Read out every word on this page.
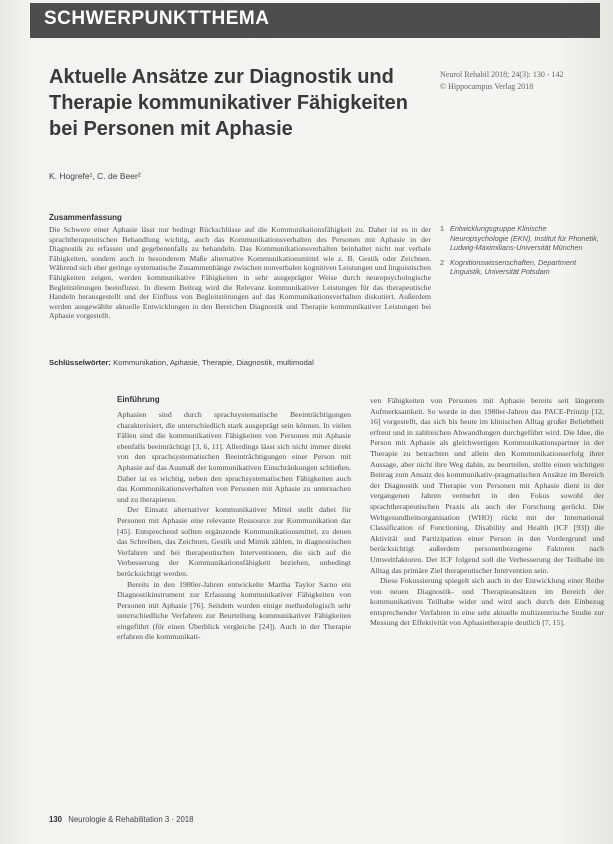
SCHWERPUNKTTHEMA
Aktuelle Ansätze zur Diagnostik und
Therapie kommunikativer Fähigkeiten
bei Personen mit Aphasie
Neurol Rehabil 2018; 24(3): 130 - 142
© Hippocampus Verlag 2018
K. Hogrefe¹, C. de Beer²
Zusammenfassung
Die Schwere einer Aphasie lässt nur bedingt Rückschlüsse auf die Kommunikationsfähigkeit zu. Daher ist es in der sprachtherapeutischen Behandlung wichtig, auch das Kommunikationsverhalten des Personen mit Aphasie in der Diagnostik zu erfassen und gegebenenfalls zu behandeln. Das Kommunikationsverhalten beinhaltet nicht nur verbale Fähigkeiten, sondern auch in besonderem Maße alternative Kommunikationsmittel wie z. B. Gestik oder Zeichnen. Während sich eher geringe systematische Zusammenhänge zwischen nonverbalen kognitiven Leistungen und linguistischen Fähigkeiten zeigen, werden kommunikative Fähigkeiten in sehr ausgeprägter Weise durch neuropsychologische Begleitstörungen beeinflusst. In diesem Beitrag wird die Relevanz kommunikativer Leistungen für das therapeutische Handeln herausgestellt und der Einfluss von Begleitstörungen auf das Kommunikationsverhalten diskutiert. Außerdem werden ausgewählte aktuelle Entwicklungen in den Bereichen Diagnostik und Therapie kommunikativer Leistungen bei Aphasie vorgestellt.
Schlüsselwörter: Kommunikation, Aphasie, Therapie, Diagnostik, multimodal
1 Entwicklungsgruppe Klinische Neuropsychologie (EKN), Institut für Phonetik, Ludwig-Maximilians-Universität München
2 Kognitionswissenschaften, Department Linguistik, Universität Potsdam
Einführung

Aphasien sind durch sprachsystematische Beeinträchtigungen charakterisiert, die unterschiedlich stark ausgeprägt sein können. In vielen Fällen sind die kommunikativen Fähigkeiten von Personen mit Aphasie ebenfalls beeinträchtigt [3, 6, 11]. Allerdings lässt sich nicht immer direkt von den sprachsystematischen Beeinträchtigungen einer Person mit Aphasie auf das Ausmaß der kommunikativen Einschränkungen schließen. Daher ist es wichtig, neben den sprachsystematischen Fähigkeiten auch das Kommunikationsverhalten von Personen mit Aphasie zu untersuchen und zu therapieren.

Der Einsatz alternativer kommunikativer Mittel stellt dabei für Personen mit Aphasie eine relevante Ressource zur Kommunikation dar [45]. Entsprechend sollten ergänzende Kommunikationsmittel, zu denen das Schreiben, das Zeichnen, Gestik und Mimik zählen, in diagnostischen Verfahren und bei therapeutischen Interventionen, die sich auf die Verbesserung der Kommunikationsfähigkeit beziehen, unbedingt berücksichtigt werden.

Bereits in den 1980er-Jahren entwickelte Martha Taylor Sarno ein Diagnostikinstrument zur Erfassung kommunikativer Fähigkeiten von Personen mit Aphasie [76]. Seitdem wurden einige methodologisch sehr unterschiedliche Verfahren zur Beurteilung kommunikativer Fähigkeiten eingeführt (für einen Überblick vergleiche [24]). Auch in der Therapie erfahren die kommunikati-

ven Fähigkeiten von Personen mit Aphasie bereits seit längerem Aufmerksamkeit. So wurde in den 1980er-Jahren das PACE-Prinzip [12, 16] vorgestellt, das sich bis heute im klinischen Alltag großer Beliebtheit erfreut und in zahlreichen Abwandlungen durchgeführt wird. Die Idee, die Person mit Aphasie als gleichwertigen Kommunikationspartner in der Therapie zu betrachten und allein den Kommunikationserfolg ihrer Aussage, aber nicht ihre Weg dahin, zu beurteilen, stellte einen wichtigen Beitrag zum Ansatz des kommunikativ-pragmatischen Ansätze im Bereich der Diagnostik und Therapie von Personen mit Aphasie dient in der vergangenen Jahren vermehrt in den Fokus sowohl der sprachtherapeutischen Praxis als auch der Forschung gerückt. Die Weltgesundheitsorganisation (WHO) rückt mit der International Classification of Functioning, Disability and Health (ICF [93]) die Aktivität und Partizipation einer Person in den Vordergrund und berücksichtigt außerdem personenbezogene Faktoren nach Umweltfaktoren. Der ICF folgend soll die Verbesserung der Teilhabe im Alltag das primäre Ziel therapeutischer Intervention sein.

Diese Fokussierung spiegelt sich auch in der Entwicklung einer Reihe von neuen Diagnostik- und Therapieansätzen im Bereich der kommunikativen Teilhabe wider und wird auch durch den Einbezug entsprechender Verfahren in eine sehr aktuelle multizentrische Studie zur Messung der Effektivität von Aphasietherapie deutlich [7, 15].

130 Neurologie & Rehabilitation 3 · 2018
